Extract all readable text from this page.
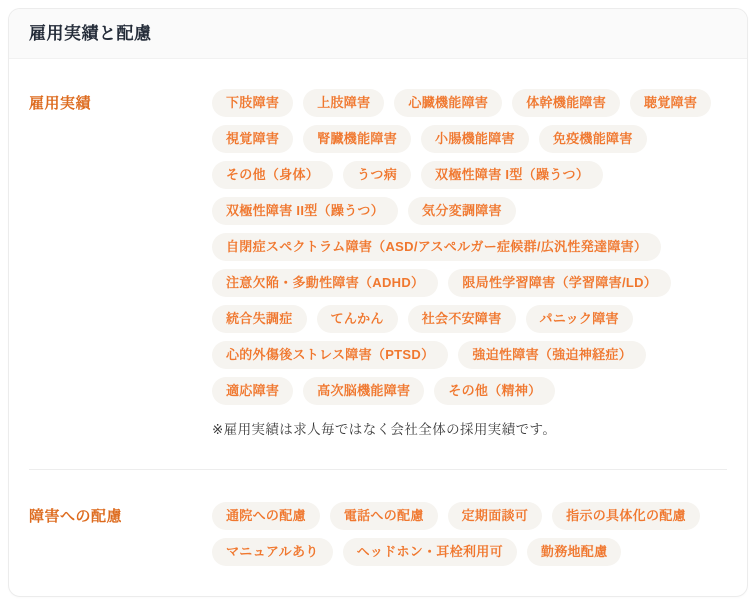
雇用実績と配慮
雇用実績	下肢障害	上肢障害	心臓機能障害	体幹機能障害	聴覚障害
視覚障害	腎臓機能障害	小腸機能障害	免疫機能障害
その他（身体）	うつ病	双極性障害 I型（躁うつ）
双極性障害 II型（躁うつ）	気分変調障害
自閉症スペクトラム障害（ASD/アスペルガー症候群/広汎性発達障害）
注意欠陥・多動性障害（ADHD）	限局性学習障害（学習障害/LD）
統合失調症	てんかん	社会不安障害	パニック障害
心的外傷後ストレス障害（PTSD）	強迫性障害（強迫神経症）
適応障害	高次脳機能障害	その他（精神）
※雇用実績は求人毎ではなく会社全体の採用実績です。
障害への配慮	通院への配慮	電話への配慮	定期面談可	指示の具体化の配慮
マニュアルあり	ヘッドホン・耳栓利用可	勤務地配慮
